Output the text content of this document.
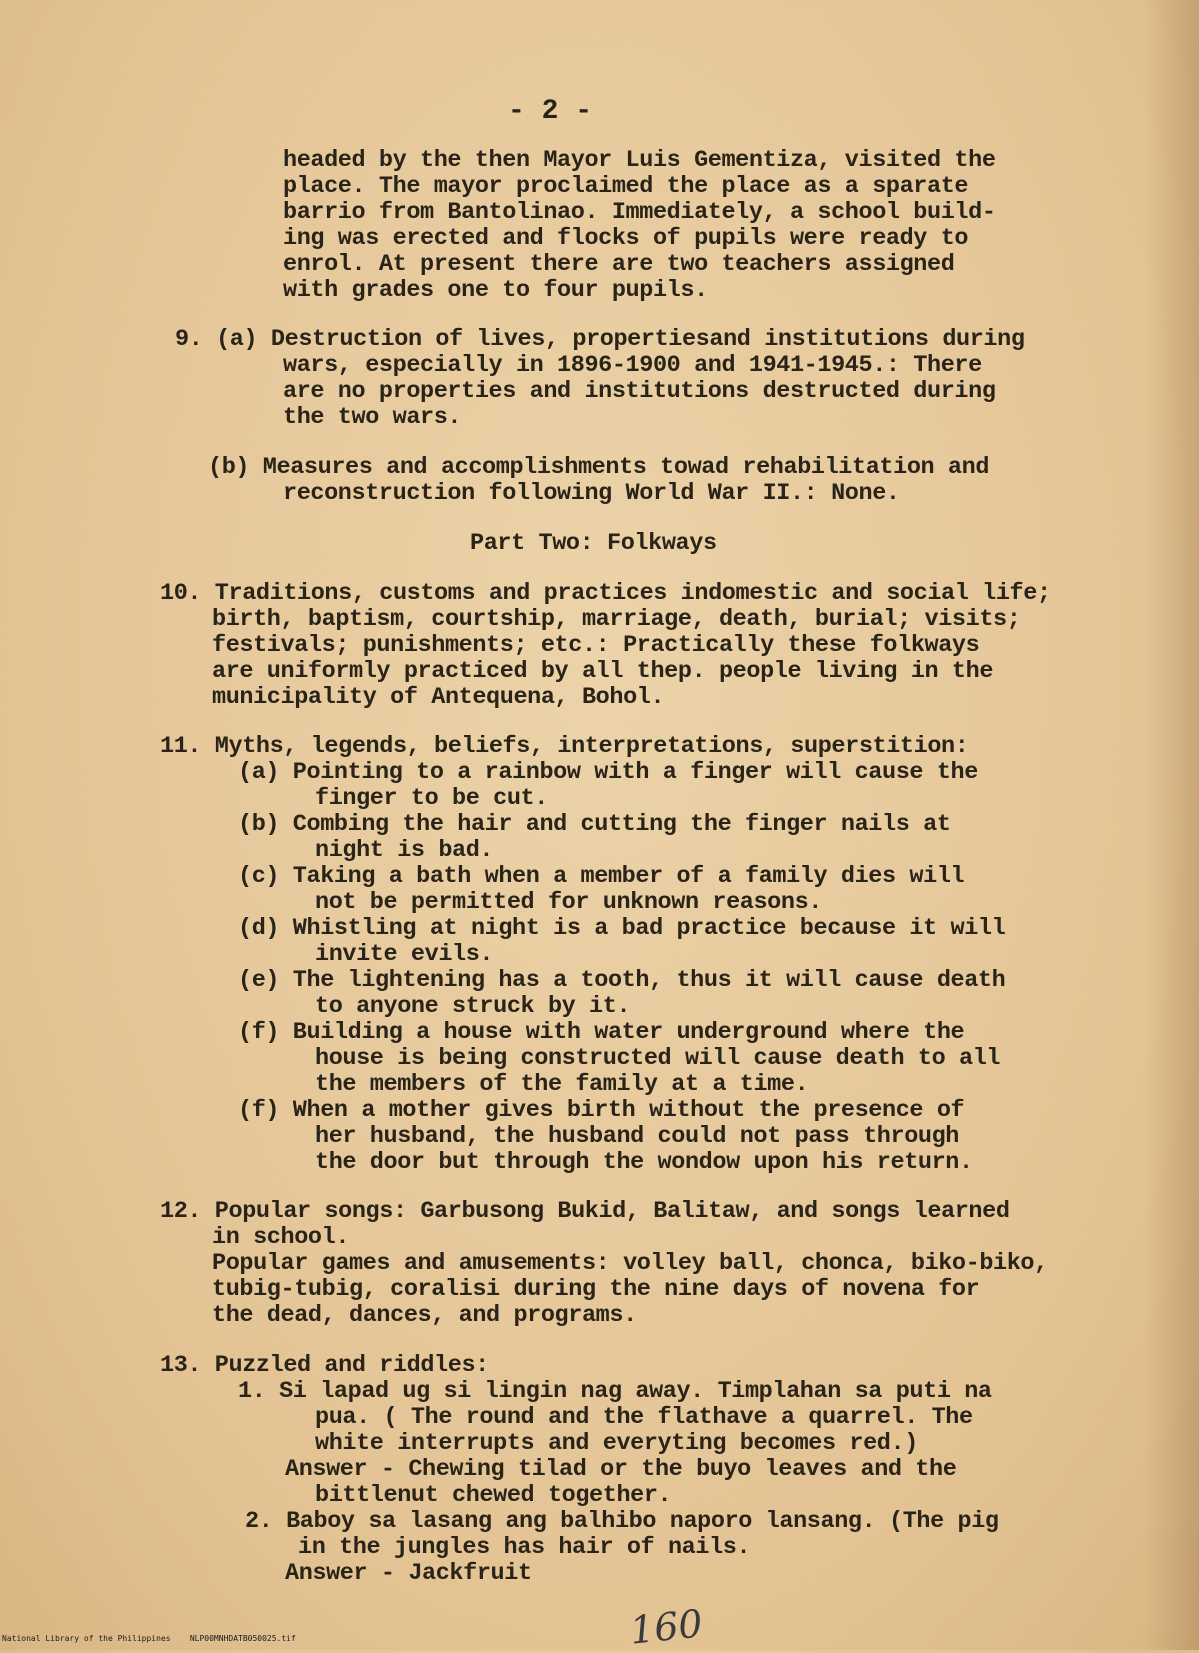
- 2 -
headed by the then Mayor Luis Gementiza, visited the
place. The mayor proclaimed the place as a sparate
barrio from Bantolinao. Immediately, a school build-
ing was erected and flocks of pupils were ready to
enrol. At present there are two teachers assigned
with grades one to four pupils.
9. (a) Destruction of lives, propertiesand institutions during
wars, especially in 1896-1900 and 1941-1945.: There
are no properties and institutions destructed during
the two wars.
(b) Measures and accomplishments towad rehabilitation and
reconstruction following World War II.: None.
Part Two: Folkways
10. Traditions, customs and practices indomestic and social life;
birth, baptism, courtship, marriage, death, burial; visits;
festivals; punishments; etc.: Practically these folkways
are uniformly practiced by all thep. people living in the
municipality of Antequena, Bohol.
11. Myths, legends, beliefs, interpretations, superstition:
(a) Pointing to a rainbow with a finger will cause the
finger to be cut.
(b) Combing the hair and cutting the finger nails at
night is bad.
(c) Taking a bath when a member of a family dies will
not be permitted for unknown reasons.
(d) Whistling at night is a bad practice because it will
invite evils.
(e) The lightening has a tooth, thus it will cause death
to anyone struck by it.
(f) Building a house with water underground where the
house is being constructed will cause death to all
the members of the family at a time.
(f) When a mother gives birth without the presence of
her husband, the husband could not pass through
the door but through the wondow upon his return.
12. Popular songs: Garbusong Bukid, Balitaw, and songs learned
in school.
Popular games and amusements: volley ball, chonca, biko-biko,
tubig-tubig, coralisi during the nine days of novena for
the dead, dances, and programs.
13. Puzzled and riddles:
1. Si lapad ug si lingin nag away. Timplahan sa puti na
pua. ( The round and the flathave a quarrel. The
white interrupts and everyting becomes red.)
Answer - Chewing tilad or the buyo leaves and the
bittlenut chewed together.
2. Baboy sa lasang ang balhibo naporo lansang. (The pig
in the jungles has hair of nails.
Answer - Jackfruit
160
National Library of the Philippines    NLP00MNHDATB050025.tif
